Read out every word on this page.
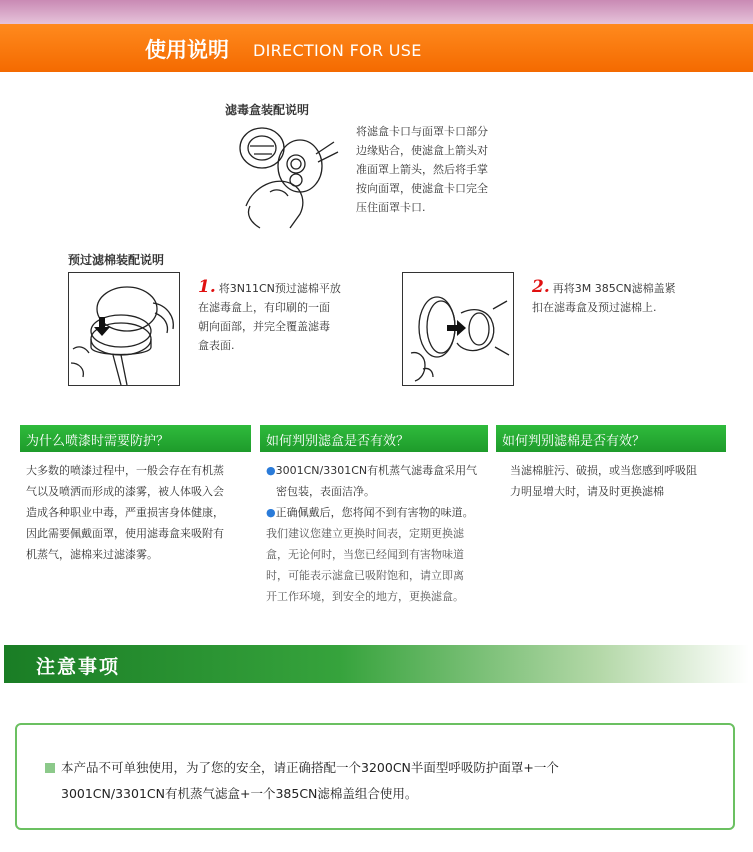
使用说明 DIRECTION FOR USE
滤毒盒装配说明
将滤盒卡口与面罩卡口部分
边缘贴合，使滤盒上箭头对
准面罩上箭头，然后将手掌
按向面罩，使滤盒卡口完全
压住面罩卡口.
预过滤棉装配说明
1. 将3N11CN预过滤棉平放
在滤毒盒上，有印刷的一面
朝向面部，并完全覆盖滤毒
盒表面.
2. 再将3M 385CN滤棉盖紧
扣在滤毒盒及预过滤棉上.
为什么喷漆时需要防护？	如何判别滤盒是否有效？	如何判别滤棉是否有效？
大多数的喷漆过程中，一般会存在有机蒸
气以及喷洒而形成的漆雾，被人体吸入会
造成各种职业中毒，严重损害身体健康，
因此需要佩戴面罩，使用滤毒盒来吸附有
机蒸气，滤棉来过滤漆雾。
●3001CN/3301CN有机蒸气滤毒盒采用气
密包装，表面洁净。
●正确佩戴后，您将闻不到有害物的味道。
我们建议您建立更换时间表，定期更换滤
盒，无论何时，当您已经闻到有害物味道
时，可能表示滤盒已吸附饱和，请立即离
开工作环境，到安全的地方，更换滤盒。
当滤棉脏污、破损，或当您感到呼吸阻
力明显增大时，请及时更换滤棉
注意事项
本产品不可单独使用，为了您的安全，请正确搭配一个3200CN半面型呼吸防护面罩+一个
3001CN/3301CN有机蒸气滤盒+一个385CN滤棉盖组合使用。
